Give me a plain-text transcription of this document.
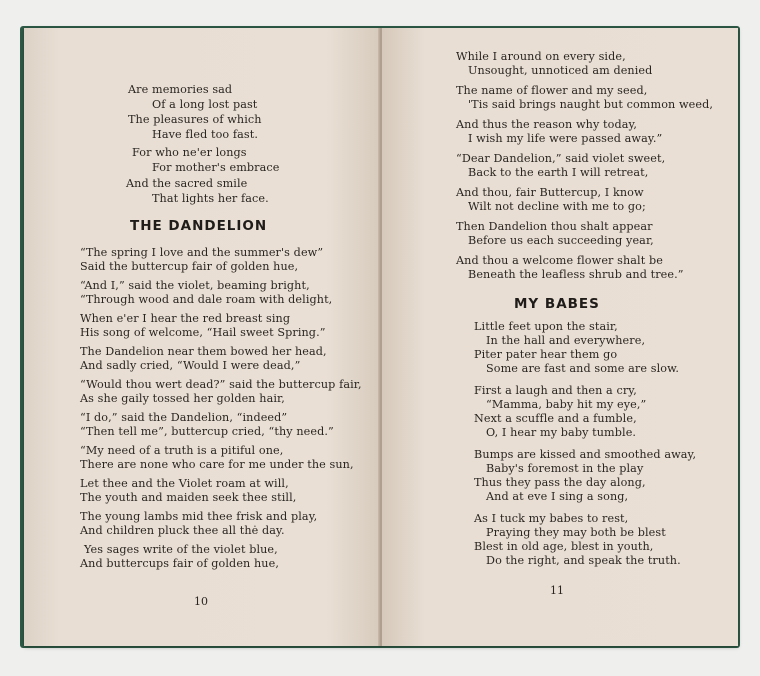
Are memories sad
Of a long lost past
The pleasures of which
Have fled too fast.
For who ne'er longs
For mother's embrace
And the sacred smile
That lights her face.
THE DANDELION
“The spring I love and the summer's dew”
Said the buttercup fair of golden hue,
“And I,” said the violet, beaming bright,
“Through wood and dale roam with delight,
When e'er I hear the red breast sing
His song of welcome, “Hail sweet Spring.”
The Dandelion near them bowed her head,
And sadly cried, “Would I were dead,”
“Would thou wert dead?” said the buttercup fair,
As she gaily tossed her golden hair,
“I do,” said the Dandelion, “indeed”
“Then tell me”, buttercup cried, “thy need.”
“My need of a truth is a pitiful one,
There are none who care for me under the sun,
Let thee and the Violet roam at will,
The youth and maiden seek thee still,
The young lambs mid thee frisk and play,
And children pluck thee all thė day.
Yes sages write of the violet blue,
And buttercups fair of golden hue,
10
While I around on every side,
Unsought, unnoticed am denied
The name of flower and my seed,
'Tis said brings naught but common weed,
And thus the reason why today,
I wish my life were passed away.”
“Dear Dandelion,” said violet sweet,
Back to the earth I will retreat,
And thou, fair Buttercup, I know
Wilt not decline with me to go;
Then Dandelion thou shalt appear
Before us each succeeding year,
And thou a welcome flower shalt be
Beneath the leafless shrub and tree.”
MY BABES
Little feet upon the stair,
In the hall and everywhere,
Piter pater hear them go
Some are fast and some are slow.
First a laugh and then a cry,
“Mamma, baby hit my eye,”
Next a scuffle and a fumble,
O, I hear my baby tumble.
Bumps are kissed and smoothed away,
Baby's foremost in the play
Thus they pass the day along,
And at eve I sing a song,
As I tuck my babes to rest,
Praying they may both be blest
Blest in old age, blest in youth,
Do the right, and speak the truth.
11
